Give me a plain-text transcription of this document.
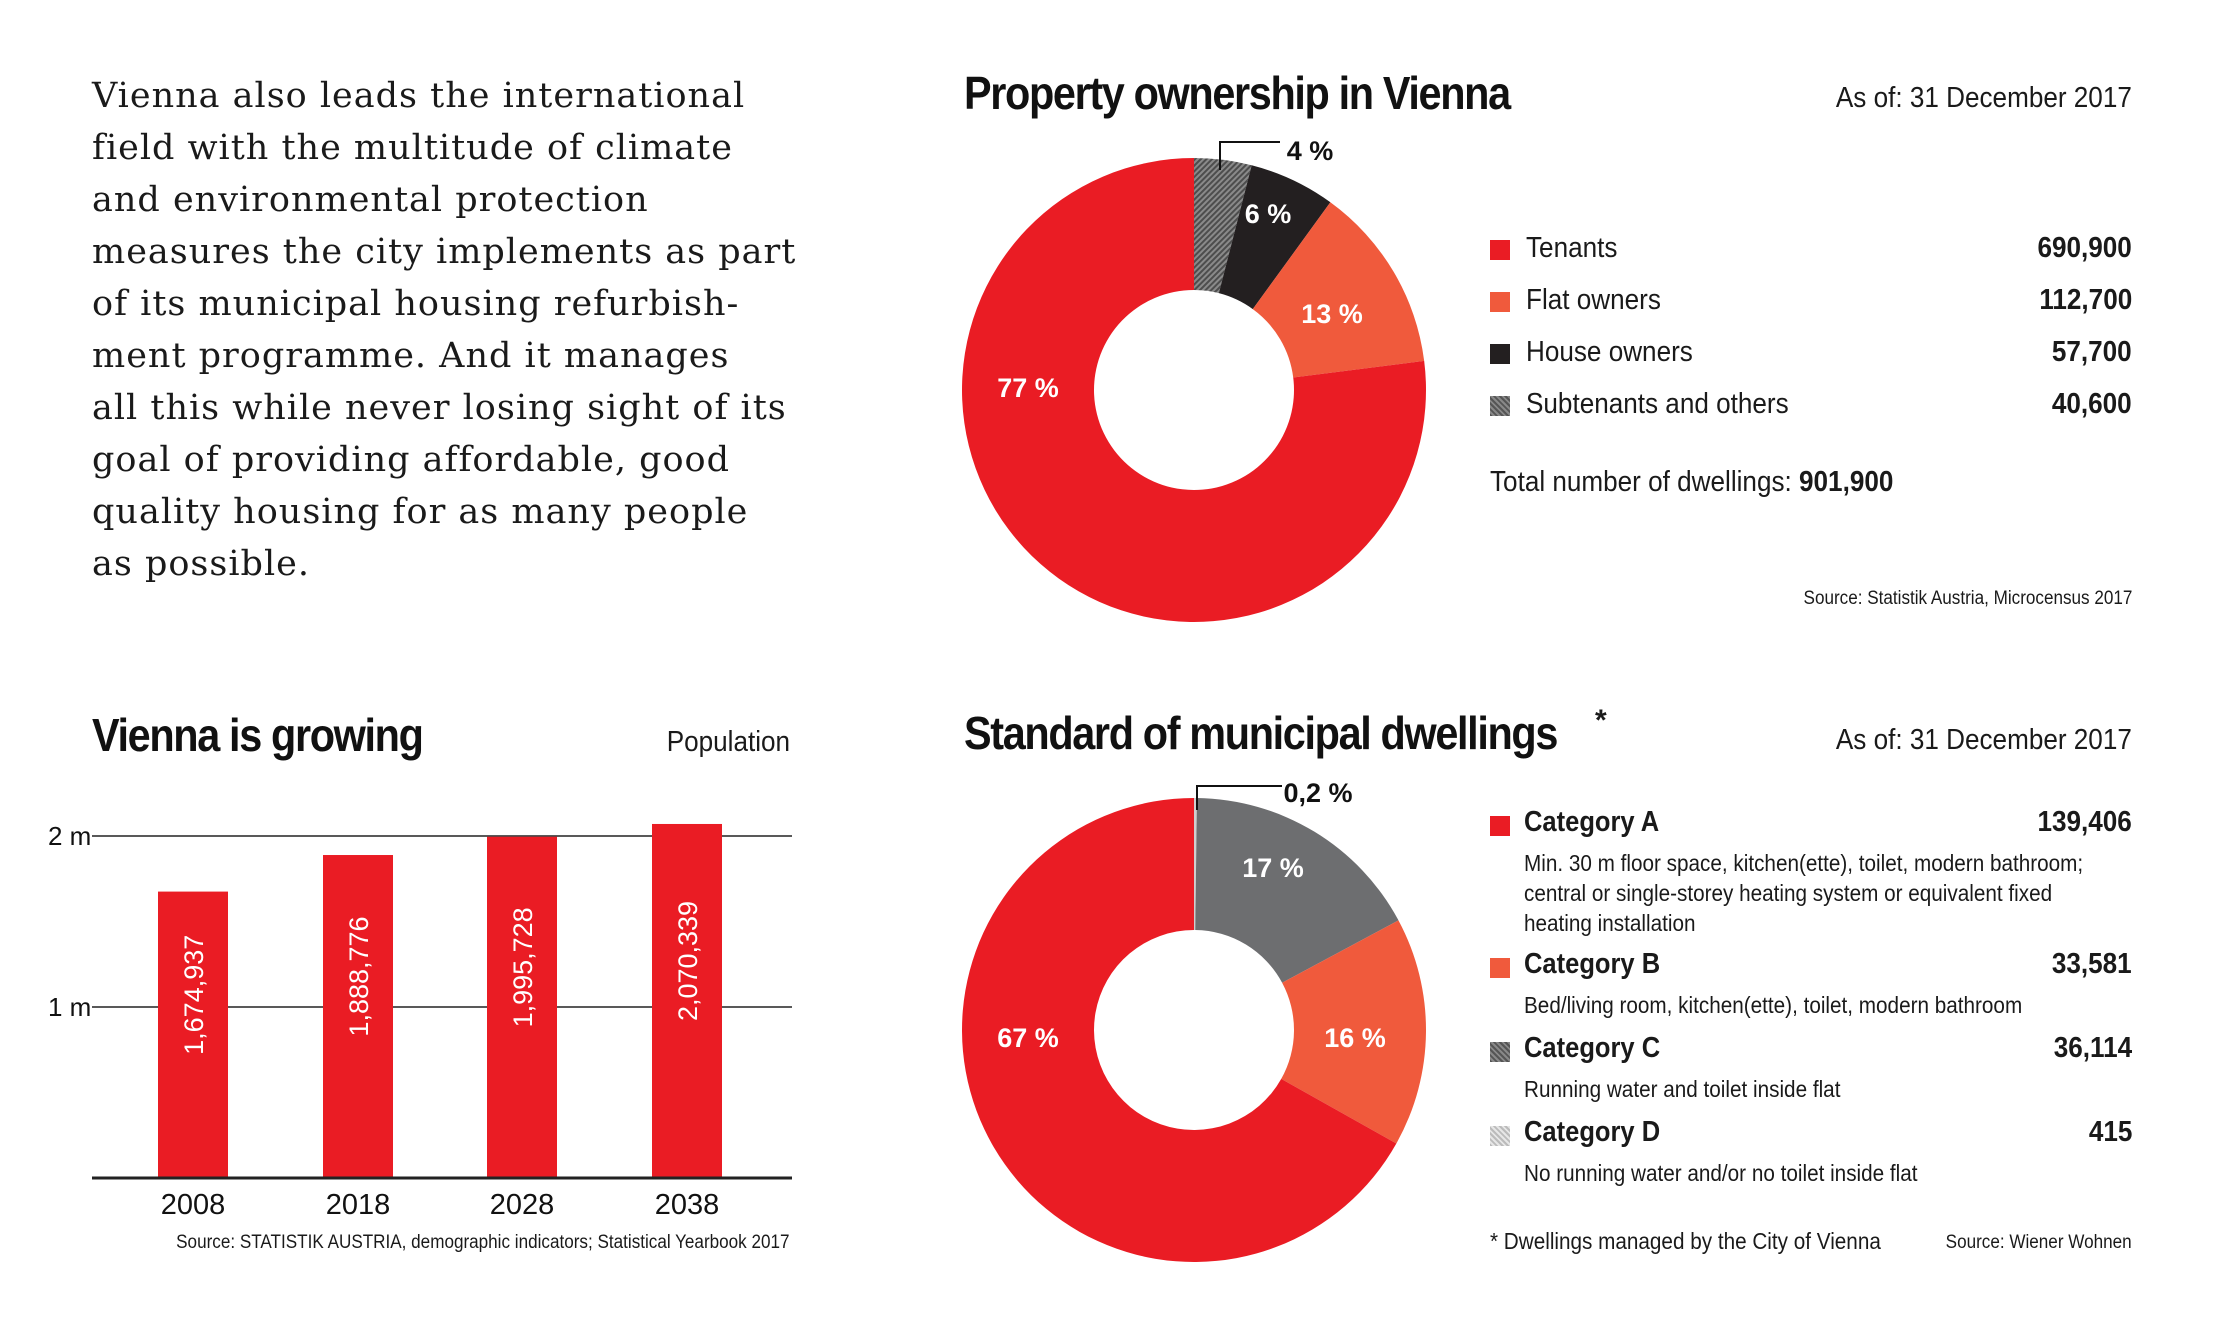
Vienna also leads the international
field with the multitude of climate
and environmental protection
measures the city implements as part
of its municipal housing refurbish-
ment programme. And it manages
all this while never losing sight of its
goal of providing affordable, good
quality housing for as many people
as possible.
Property ownership in Vienna	As of: 31 December 2017
77 %
13 %
6 %
4 %
Tenants	690,900
Flat owners	112,700
House owners	57,700
Subtenants and others	40,600
Total number of dwellings: 901,900
Source: Statistik Austria, Microcensus 2017
Vienna is growing	Population
2 m
1 m	1,674,937
2008
1,888,776
2018
1,995,728
2028
2,070,339
2038
Source: STATISTIK AUSTRIA, demographic indicators; Statistical Yearbook 2017
Standard of municipal dwellings *
As of: 31 December 2017
67 %	16 %
17 %
0,2 %
Category A	139,406
Min. 30 m floor space, kitchen(ette), toilet, modern bathroom; central or single-storey heating system or equivalent fixed heating installation
Category B	33,581
Bed/living room, kitchen(ette), toilet, modern bathroom
Category C	36,114
Running water and toilet inside flat
Category D	415
No running water and/or no toilet inside flat
* Dwellings managed by the City of Vienna	Source: Wiener Wohnen
